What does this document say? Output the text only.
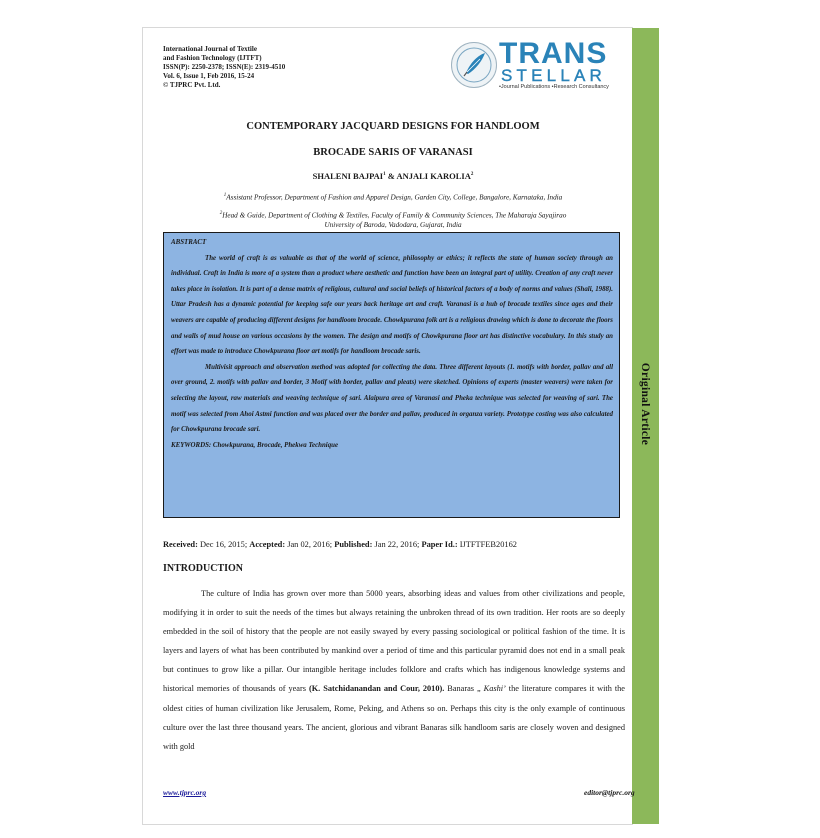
Original Article
International Journal of Textile
and Fashion Technology (IJTFT)
ISSN(P): 2250-2378; ISSN(E): 2319-4510
Vol. 6, Issue 1, Feb 2016, 15-24
© TJPRC Pvt. Ltd.
TRANS
STELLAR
•Journal Publications •Research Consultancy
CONTEMPORARY JACQUARD DESIGNS FOR HANDLOOM
BROCADE SARIS OF VARANASI
SHALENI BAJPAI$^1$ & ANJALI KAROLIA$^2$
$^1$Assistant Professor, Department of Fashion and Apparel Design, Garden City, College, Bangalore, Karnataka, India
$^2$Head & Guide, Department of Clothing & Textiles, Faculty of Family & Community Sciences, The Maharaja Sayajirao
University of Baroda, Vadodara, Gujarat, India

ABSTRACT

The world of craft is as valuable as that of the world of science, philosophy or ethics; it reflects the state of human society through an individual. Craft in India is more of a system than a product where aesthetic and function have been an integral part of utility. Creation of any craft never takes place in isolation. It is part of a dense matrix of religious, cultural and social beliefs of historical factors of a body of norms and values (Shali, 1988). Uttar Pradesh has a dynamic potential for keeping safe our years back heritage art and craft. Varanasi is a hub of brocade textiles since ages and their weavers are capable of producing different designs for handloom brocade. Chowkpurana folk art is a religious drawing which is done to decorate the floors and walls of mud house on various occasions by the women. The design and motifs of Chowkpurana floor art has distinctive vocabulary. In this study an effort was made to introduce Chowkpurana floor art motifs for handloom brocade saris.

Multivisit approach and observation method was adopted for collecting the data. Three different layouts (1. motifs with border, pallav and all over ground, 2. motifs with pallav and border, 3 Motif with border, pallav and pleats) were sketched. Opinions of experts (master weavers) were taken for selecting the layout, raw materials and weaving technique of sari. Alaipura area of Varanasi and Pheka technique was selected for weaving of sari. The motif was selected from Ahoi Astmi function and was placed over the border and pallav, produced in organza variety. Prototype costing was also calculated for Chowkpurana brocade sari.

KEYWORDS: Chowkpurana, Brocade, Phekwa Technique

Received: Dec 16, 2015; Accepted: Jan 02, 2016; Published: Jan 22, 2016; Paper Id.: IJTFTFEB20162
INTRODUCTION

The culture of India has grown over more than 5000 years, absorbing ideas and values from other civilizations and people, modifying it in order to suit the needs of the times but always retaining the unbroken thread of its own tradition. Her roots are so deeply embedded in the soil of history that the people are not easily swayed by every passing sociological or political fashion of the time. It is layers and layers of what has been contributed by mankind over a period of time and this particular pyramid does not end in a small peak but continues to grow like a pillar. Our intangible heritage includes folklore and crafts which has indigenous knowledge systems and historical memories of thousands of years (K. Satchidanandan and Cour, 2010). Banaras „ Kashi’ the literature compares it with the oldest cities of human civilization like Jerusalem, Rome, Peking, and Athens so on. Perhaps this city is the only example of continuous culture over the last three thousand years. The ancient, glorious and vibrant Banaras silk handloom saris are closely woven and designed with gold

www.tjprc.org	editor@tjprc.org
